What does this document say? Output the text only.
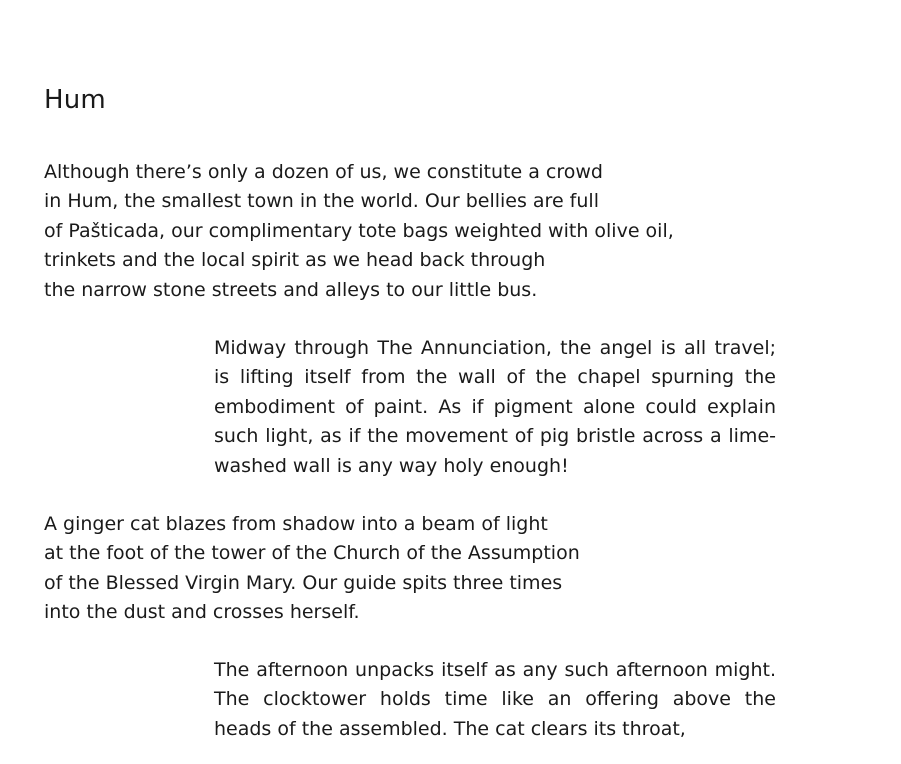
Hum
Although there’s only a dozen of us, we constitute a crowd
in Hum, the smallest town in the world. Our bellies are full
of Pašticada, our complimentary tote bags weighted with olive oil,
trinkets and the local spirit as we head back through
the narrow stone streets and alleys to our little bus.
Midway through The Annunciation, the angel is all travel;
is lifting itself from the wall of the chapel spurning the
embodiment of paint. As if pigment alone could explain
such light, as if the movement of pig bristle across a lime-
washed wall is any way holy enough!
A ginger cat blazes from shadow into a beam of light
at the foot of the tower of the Church of the Assumption
of the Blessed Virgin Mary. Our guide spits three times
into the dust and crosses herself.
The afternoon unpacks itself as any such afternoon might.
The clocktower holds time like an offering above the
heads of the assembled. The cat clears its throat,
